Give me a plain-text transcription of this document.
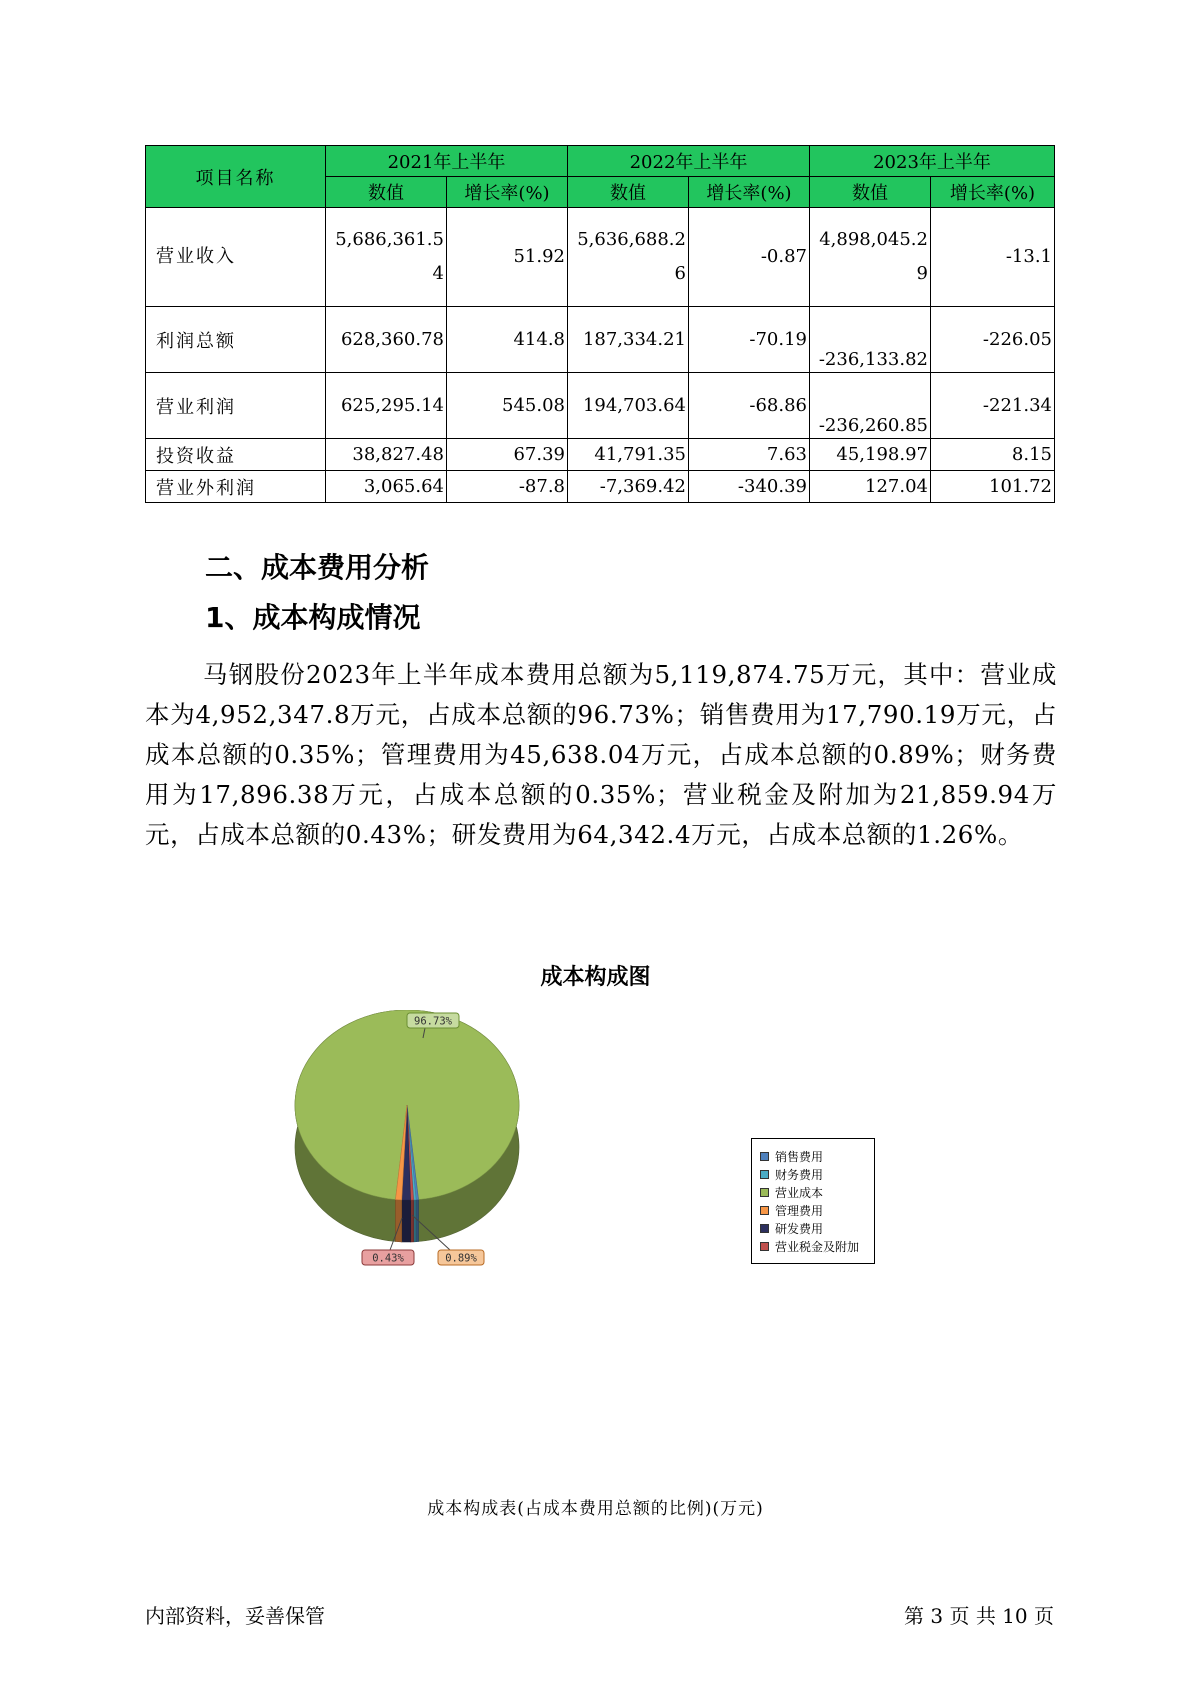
项目名称	2021年上半年		2022年上半年		2023年上半年	
	数值	增长率(%)	数值	增长率(%)	数值	增长率(%)
营业收入	5,686,361.54	51.92	5,636,688.26	-0.87	4,898,045.29	-13.1
利润总额	628,360.78	414.8	187,334.21	-70.19	-236,133.82	-226.05
营业利润	625,295.14	545.08	194,703.64	-68.86	-236,260.85	-221.34
投资收益	38,827.48	67.39	41,791.35	7.63	45,198.97	8.15
营业外利润	3,065.64	-87.8	-7,369.42	-340.39	127.04	101.72
二、成本费用分析
1、成本构成情况

马钢股份2023年上半年成本费用总额为5,119,874.75万元，其中：营业成本为4,952,347.8万元，占成本总额的96.73%；销售费用为17,790.19万元，占成本总额的0.35%；管理费用为45,638.04万元，占成本总额的0.89%；财务费用为17,896.38万元，占成本总额的0.35%；营业税金及附加为21,859.94万元，占成本总额的0.43%；研发费用为64,342.4万元，占成本总额的1.26%。

成本构成图
96.73%
0.43%	0.89%
销售费用
财务费用
营业成本
管理费用
研发费用
营业税金及附加
成本构成表(占成本费用总额的比例)(万元)
内部资料，妥善保管	第 3 页 共 10 页
